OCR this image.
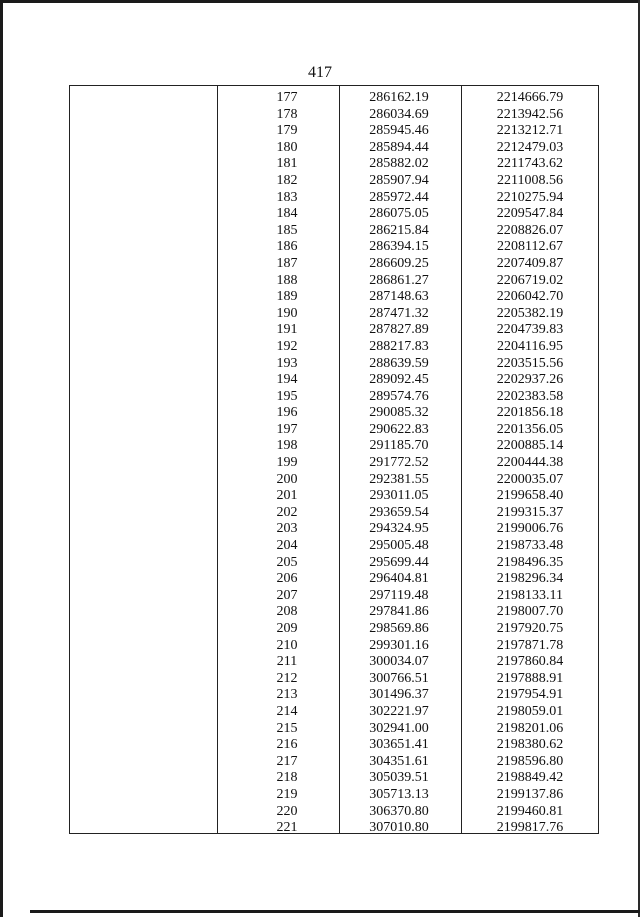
417
177	286162.19	2214666.79
178	286034.69	2213942.56
179	285945.46	2213212.71
180	285894.44	2212479.03
181	285882.02	2211743.62
182	285907.94	2211008.56
183	285972.44	2210275.94
184	286075.05	2209547.84
185	286215.84	2208826.07
186	286394.15	2208112.67
187	286609.25	2207409.87
188	286861.27	2206719.02
189	287148.63	2206042.70
190	287471.32	2205382.19
191	287827.89	2204739.83
192	288217.83	2204116.95
193	288639.59	2203515.56
194	289092.45	2202937.26
195	289574.76	2202383.58
196	290085.32	2201856.18
197	290622.83	2201356.05
198	291185.70	2200885.14
199	291772.52	2200444.38
200	292381.55	2200035.07
201	293011.05	2199658.40
202	293659.54	2199315.37
203	294324.95	2199006.76
204	295005.48	2198733.48
205	295699.44	2198496.35
206	296404.81	2198296.34
207	297119.48	2198133.11
208	297841.86	2198007.70
209	298569.86	2197920.75
210	299301.16	2197871.78
211	300034.07	2197860.84
212	300766.51	2197888.91
213	301496.37	2197954.91
214	302221.97	2198059.01
215	302941.00	2198201.06
216	303651.41	2198380.62
217	304351.61	2198596.80
218	305039.51	2198849.42
219	305713.13	2199137.86
220	306370.80	2199460.81
221	307010.80	2199817.76
